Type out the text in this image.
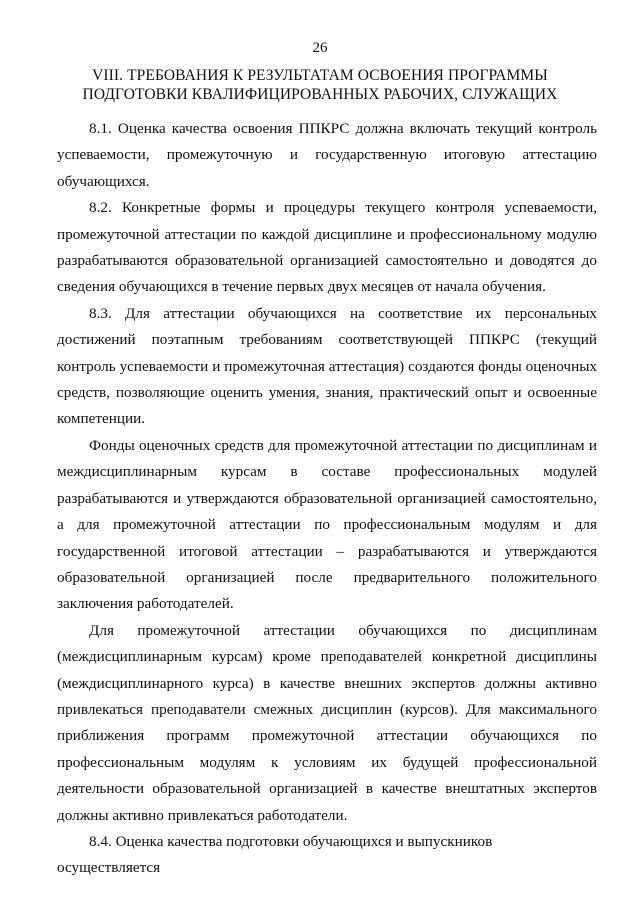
26
VIII. ТРЕБОВАНИЯ К РЕЗУЛЬТАТАМ ОСВОЕНИЯ ПРОГРАММЫ
ПОДГОТОВКИ КВАЛИФИЦИРОВАННЫХ РАБОЧИХ, СЛУЖАЩИХ

8.1. Оценка качества освоения ППКРС должна включать текущий контроль успеваемости, промежуточную и государственную итоговую аттестацию обучающихся.

8.2. Конкретные формы и процедуры текущего контроля успеваемости, промежуточной аттестации по каждой дисциплине и профессиональному модулю разрабатываются образовательной организацией самостоятельно и доводятся до сведения обучающихся в течение первых двух месяцев от начала обучения.

8.3. Для аттестации обучающихся на соответствие их персональных достижений поэтапным требованиям соответствующей ППКРС (текущий контроль успеваемости и промежуточная аттестация) создаются фонды оценочных средств, позволяющие оценить умения, знания, практический опыт и освоенные компетенции.

Фонды оценочных средств для промежуточной аттестации по дисциплинам и междисциплинарным курсам в составе профессиональных модулей разрабатываются и утверждаются образовательной организацией самостоятельно, а для промежуточной аттестации по профессиональным модулям и для государственной итоговой аттестации – разрабатываются и утверждаются образовательной организацией после предварительного положительного заключения работодателей.

Для промежуточной аттестации обучающихся по дисциплинам (междисциплинарным курсам) кроме преподавателей конкретной дисциплины (междисциплинарного курса) в качестве внешних экспертов должны активно привлекаться преподаватели смежных дисциплин (курсов). Для максимального приближения программ промежуточной аттестации обучающихся по профессиональным модулям к условиям их будущей профессиональной деятельности образовательной организацией в качестве внештатных экспертов должны активно привлекаться работодатели.

8.4. Оценка качества подготовки обучающихся и выпускников осуществляется
